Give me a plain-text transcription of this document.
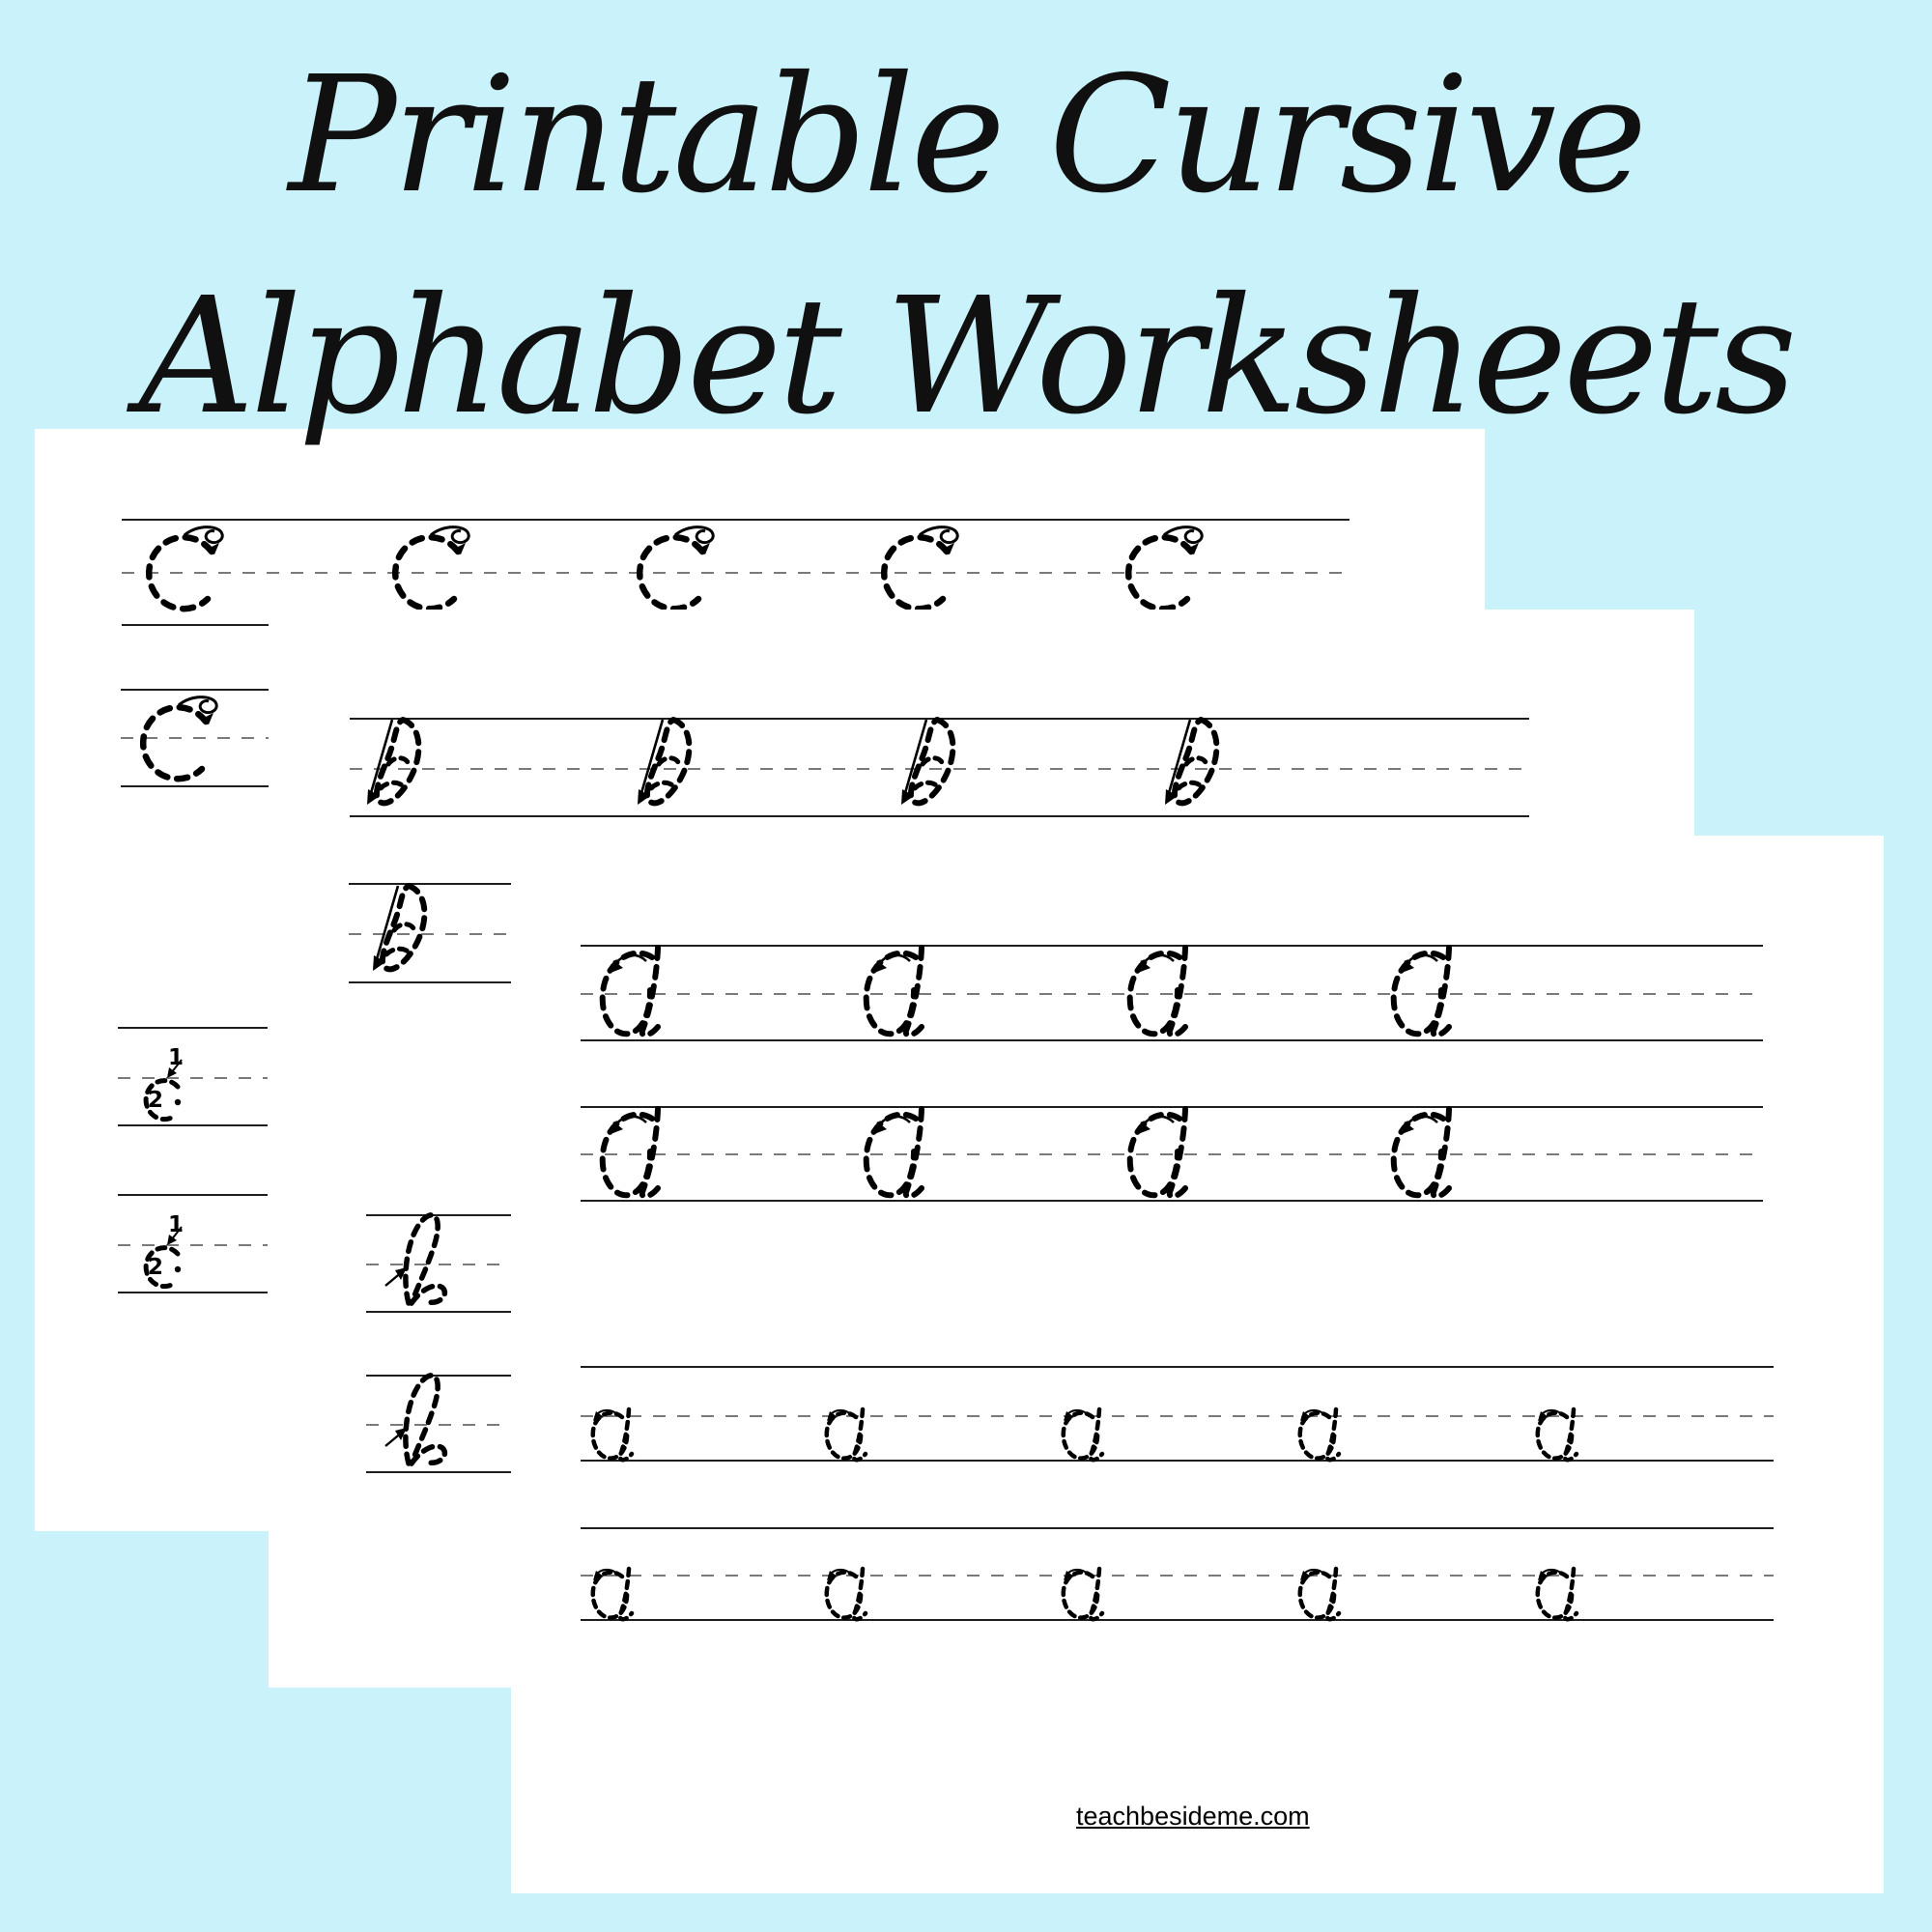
1
2
1
2
teachbesideme.com
Printable Cursive
Alphabet Worksheets
